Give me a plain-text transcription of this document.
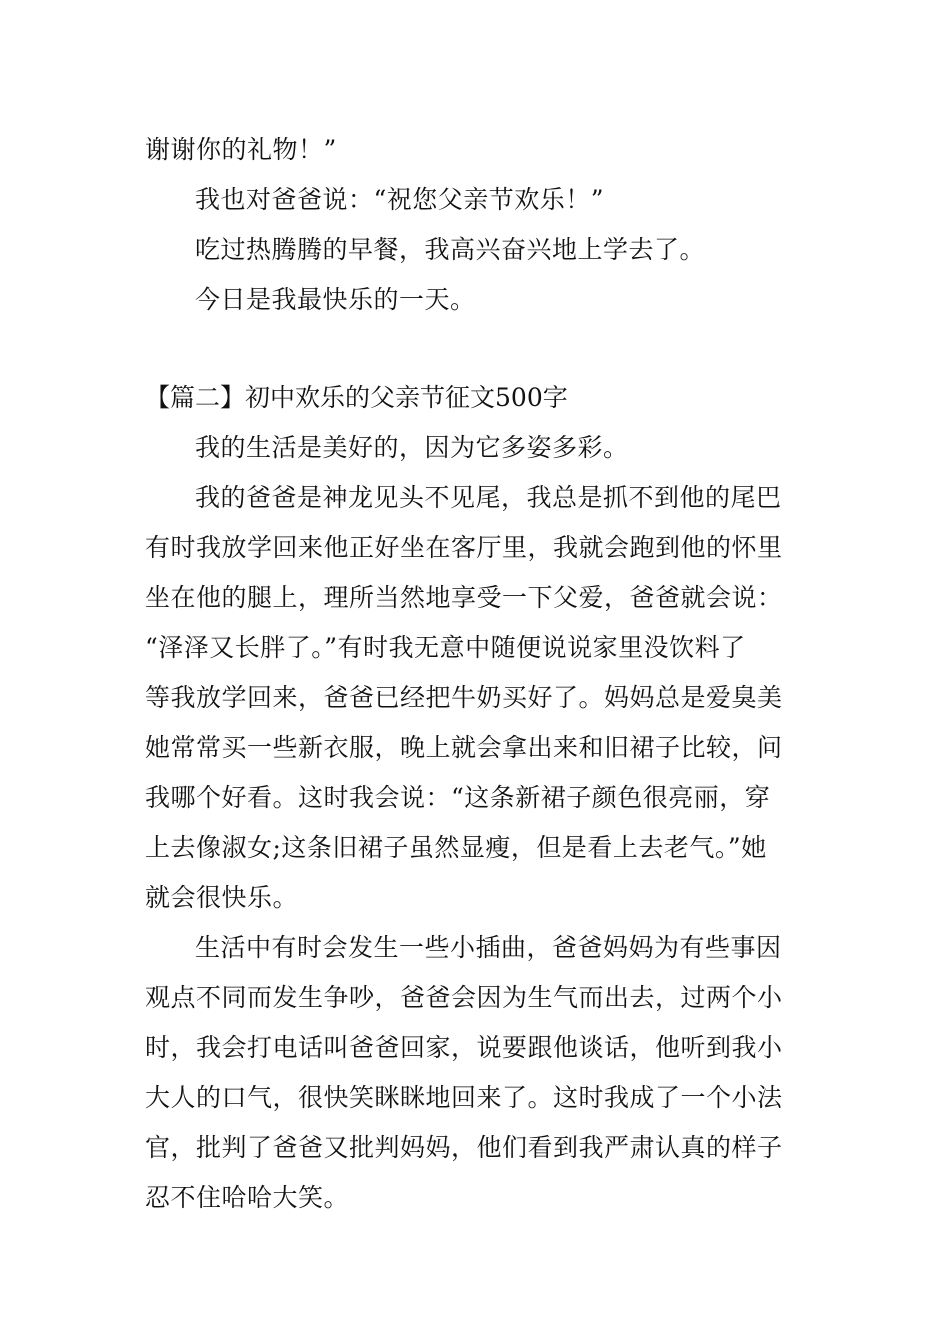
谢谢你的礼物！”
我也对爸爸说：“祝您父亲节欢乐！”
吃过热腾腾的早餐，我高兴奋兴地上学去了。
今日是我最快乐的一天。
【篇二】初中欢乐的父亲节征文500字
我的生活是美好的，因为它多姿多彩。
我的爸爸是神龙见头不见尾，我总是抓不到他的尾巴
有时我放学回来他正好坐在客厅里，我就会跑到他的怀里
坐在他的腿上，理所当然地享受一下父爱，爸爸就会说：
“泽泽又长胖了。”有时我无意中随便说说家里没饮料了
等我放学回来，爸爸已经把牛奶买好了。妈妈总是爱臭美
她常常买一些新衣服，晚上就会拿出来和旧裙子比较，问
我哪个好看。这时我会说：“这条新裙子颜色很亮丽，穿
上去像淑女;这条旧裙子虽然显瘦，但是看上去老气。”她
就会很快乐。
生活中有时会发生一些小插曲，爸爸妈妈为有些事因
观点不同而发生争吵，爸爸会因为生气而出去，过两个小
时，我会打电话叫爸爸回家，说要跟他谈话，他听到我小
大人的口气，很快笑眯眯地回来了。这时我成了一个小法
官，批判了爸爸又批判妈妈，他们看到我严肃认真的样子
忍不住哈哈大笑。
